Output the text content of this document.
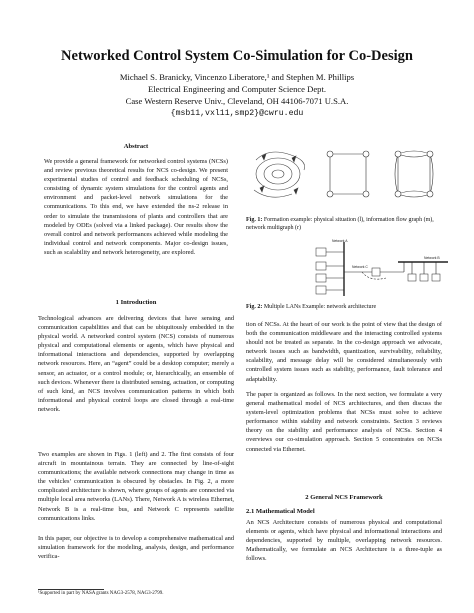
Networked Control System Co-Simulation for Co-Design
Michael S. Branicky, Vincenzo Liberatore,¹ and Stephen M. Phillips
Electrical Engineering and Computer Science Dept.
Case Western Reserve Univ., Cleveland, OH 44106-7071 U.S.A.
{msb11,vxl11,smp2}@cwru.edu
Abstract
We provide a general framework for networked control systems (NCSs) and review previous theoretical results for NCS co-design. We present experimental studies of control and feedback scheduling of NCSs, consisting of dynamic system simulations for the control agents and environment and packet-level network simulations for the communications. To this end, we have extended the ns-2 release in order to simulate the transmissions of plants and controllers that are modeled by ODEs (solved via a linked package). Our results show the overall control and network performances achieved while modeling the individual control and network components. Major co-design issues, such as scalability and network heterogeneity, are explored.
1 Introduction
Technological advances are delivering devices that have sensing and communication capabilities and that can be ubiquitously embedded in the physical world. A networked control system (NCS) consists of numerous physical and computational elements or agents, which have physical and informational interactions and dependencies, supported by overlapping network resources. Here, an “agent” could be a desktop computer; merely a sensor, an actuator, or a control module; or, hierarchically, an ensemble of such devices. Whenever there is distributed sensing, actuation, or computing of such kind, an NCS involves communication patterns in which both informational and physical control loops are closed through a real-time network.
Two examples are shown in Figs. 1 (left) and 2. The first consists of four aircraft in mountainous terrain. They are connected by line-of-sight communications; the available network connections may change in time as the vehicles’ communication is obscured by obstacles. In Fig. 2, a more complicated architecture is shown, where groups of agents are connected via multiple local area networks (LANs). There, Network A is wireless Ethernet, Network B is a real-time bus, and Network C represents satellite communications links.
In this paper, our objective is to develop a comprehensive mathematical and simulation framework for the modeling, analysis, design, and performance verifica-
¹Supported in part by NASA grants NAG3-2578, NAG3-2799.
Fig. 1: Formation example: physical situation (l), information flow graph (m), network multigraph (r)
Network A
Network B
Network C
Fig. 2: Multiple LANs Example: network architecture
tion of NCSs. At the heart of our work is the point of view that the design of both the communication middleware and the interacting controlled systems should not be treated as separate. In the co-design approach we advocate, network issues such as bandwidth, quantization, survivability, reliability, scalability, and message delay will be considered simultaneously with controlled system issues such as stability, performance, fault tolerance and adaptability.
The paper is organized as follows. In the next section, we formulate a very general mathematical model of NCS architectures, and then discuss the system-level optimization problems that NCSs must solve to achieve performance within stability and network constraints. Section 3 reviews theory on the stability and performance analysis of NCSs. Section 4 overviews our co-simulation approach. Section 5 concentrates on NCSs connected via Ethernet.
2 General NCS Framework
2.1 Mathematical Model
An NCS Architecture consists of numerous physical and computational elements or agents, which have physical and informational interactions and dependencies, supported by multiple, overlapping network resources. Mathematically, we formulate an NCS Architecture is a three-tuple as follows.
